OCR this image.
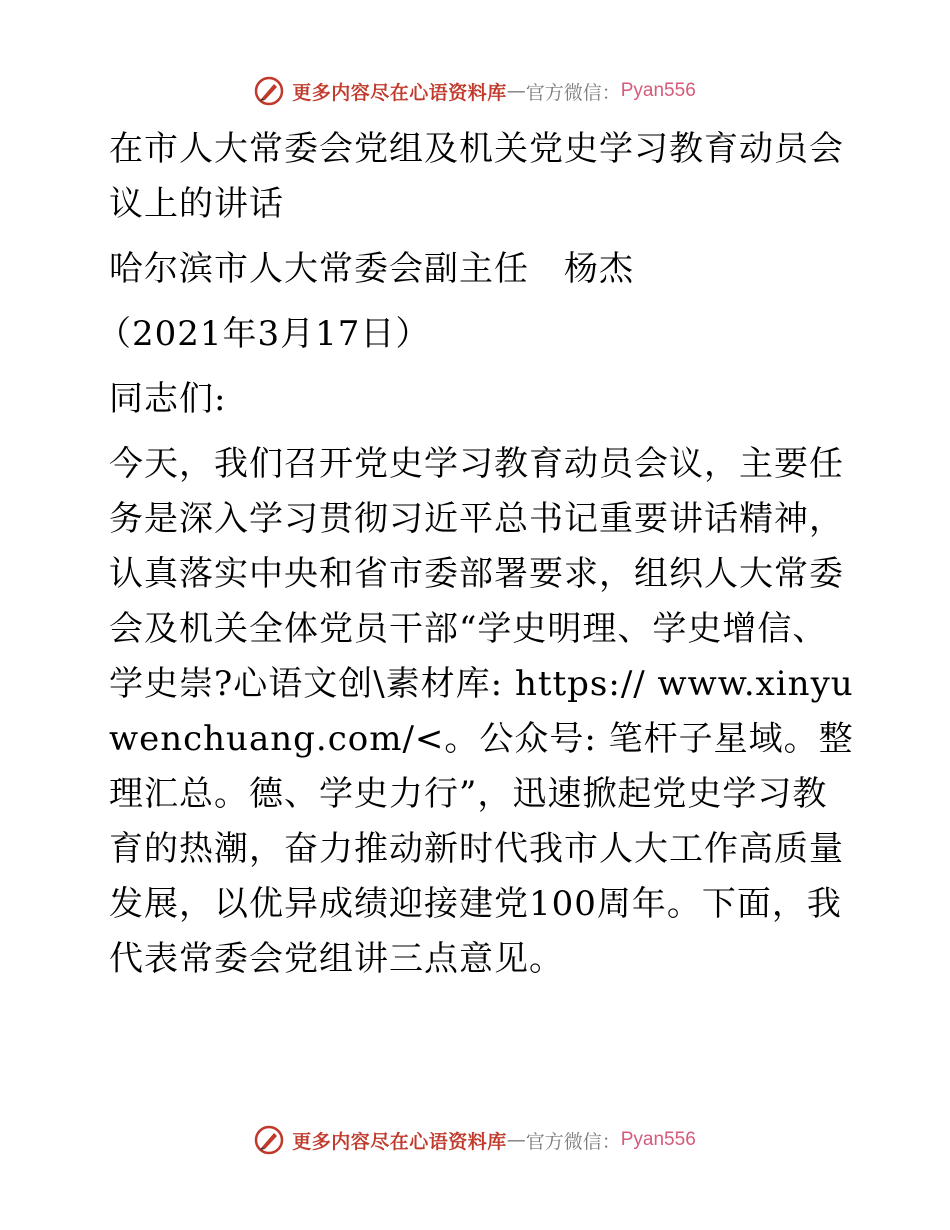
更多内容尽在心语资料库 — 官方微信： Pyan556

在市人大常委会党组及机关党史学习教育动员会议上的讲话

哈尔滨市人大常委会副主任　杨杰

（2021年3月17日）

同志们:

今天，我们召开党史学习教育动员会议，主要任务是深入学习贯彻习近平总书记重要讲话精神，认真落实中央和省市委部署要求，组织人大常委会及机关全体党员干部“学史明理、学史增信、学史崇?心语文创\素材库: https:// www.xinyuwenchuang.com/<。公众号: 笔杆子星域。整理汇总。德、学史力行”，迅速掀起党史学习教育的热潮，奋力推动新时代我市人大工作高质量发展，以优异成绩迎接建党100周年。下面，我代表常委会党组讲三点意见。

更多内容尽在心语资料库 — 官方微信： Pyan556
